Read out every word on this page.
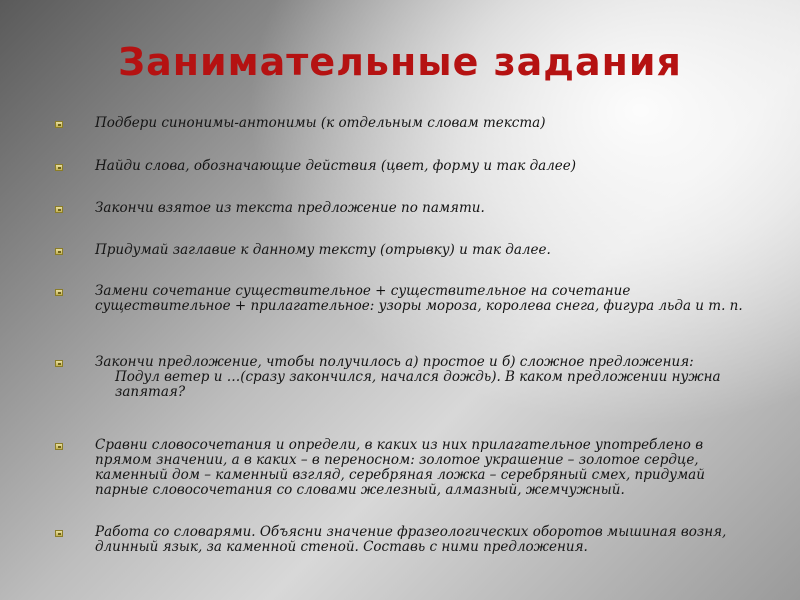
Занимательные задания
Подбери синонимы-антонимы (к отдельным словам текста)
Найди слова, обозначающие действия (цвет, форму и так далее)
Закончи взятое из текста предложение по памяти.
Придумай заглавие к данному тексту (отрывку) и так далее.
Замени сочетание существительное + существительное на сочетание существительное + прилагательное: узоры мороза, королева снега, фигура льда и т. п.
Закончи предложение, чтобы получилось а) простое и б) сложное предложения:
Подул ветер и …(сразу закончился, начался дождь). В каком предложении нужна запятая?
Сравни словосочетания и определи, в каких из них прилагательное употреблено в прямом значении, а в каких – в переносном: золотое украшение – золотое сердце, каменный дом – каменный взгляд, серебряная ложка – серебряный смех, придумай парные словосочетания со словами железный, алмазный, жемчужный.
Работа со словарями. Объясни значение фразеологических оборотов мышиная возня, длинный язык, за каменной стеной. Составь с ними предложения.
